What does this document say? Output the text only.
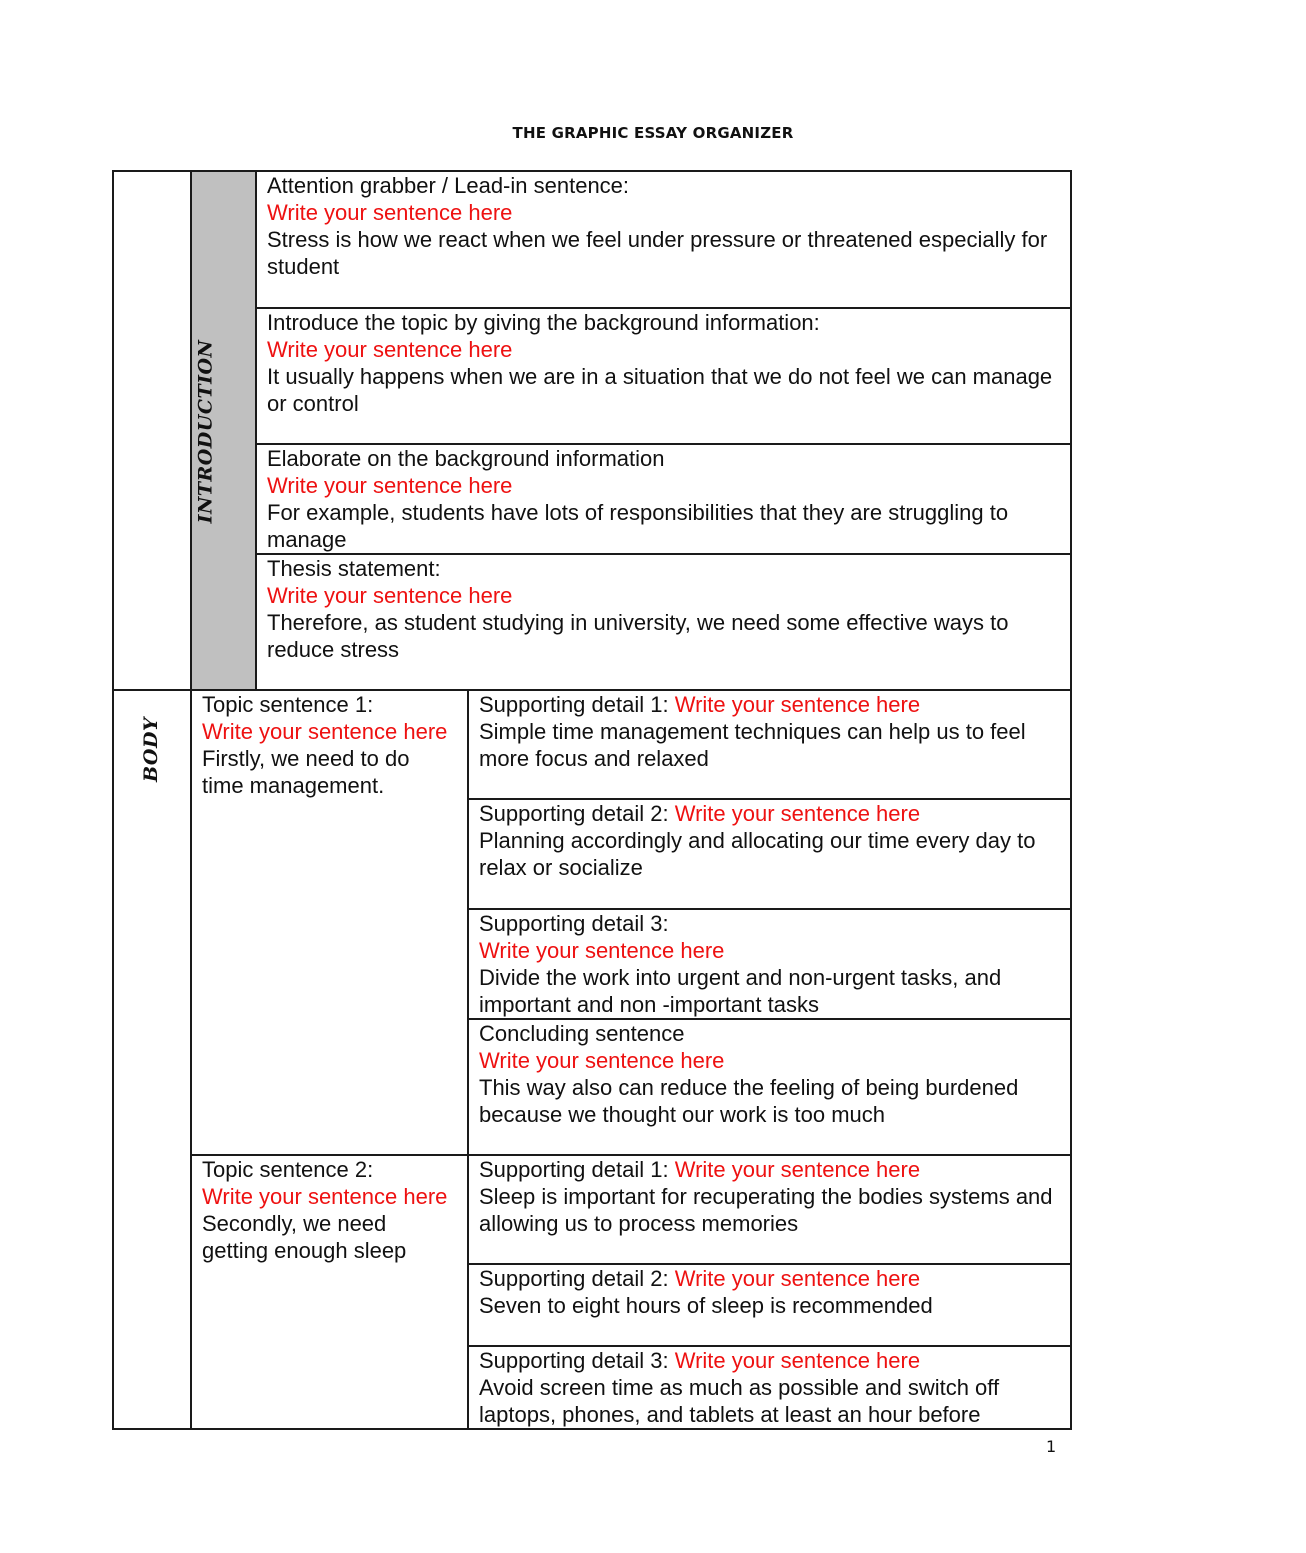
THE GRAPHIC ESSAY ORGANIZER
INTRODUCTION		Attention grabber / Lead-in sentence:
Write your sentence here
Stress is how we react when we feel under pressure or threatened especially for student	

		Introduce the topic by giving the background information:
Write your sentence here
It usually happens when we are in a situation that we do not feel we can manage or control	

		Elaborate on the background information
Write your sentence here
For example, students have lots of responsibilities that they are struggling to manage	

		Thesis statement:
Write your sentence here
Therefore, as student studying in university, we need some effective ways to reduce stress	

BODY	Topic sentence 1:
Write your sentence here
Firstly, we need to do time management.		Supporting detail 1: Write your sentence here
Simple time management techniques can help us to feel more focus and relaxed

			Supporting detail 2: Write your sentence here
Planning accordingly and allocating our time every day to relax or socialize

			Supporting detail 3:
Write your sentence here
Divide the work into urgent and non-urgent tasks, and important and non -important tasks

			Concluding sentence
Write your sentence here
This way also can reduce the feeling of being burdened because we thought our work is too much

	Topic sentence 2:
Write your sentence here
Secondly, we need getting enough sleep		Supporting detail 1: Write your sentence here
Sleep is important for recuperating the bodies systems and allowing us to process memories

			Supporting detail 2: Write your sentence here
Seven to eight hours of sleep is recommended

			Supporting detail 3: Write your sentence here
Avoid screen time as much as possible and switch off laptops, phones, and tablets at least an hour before
1
